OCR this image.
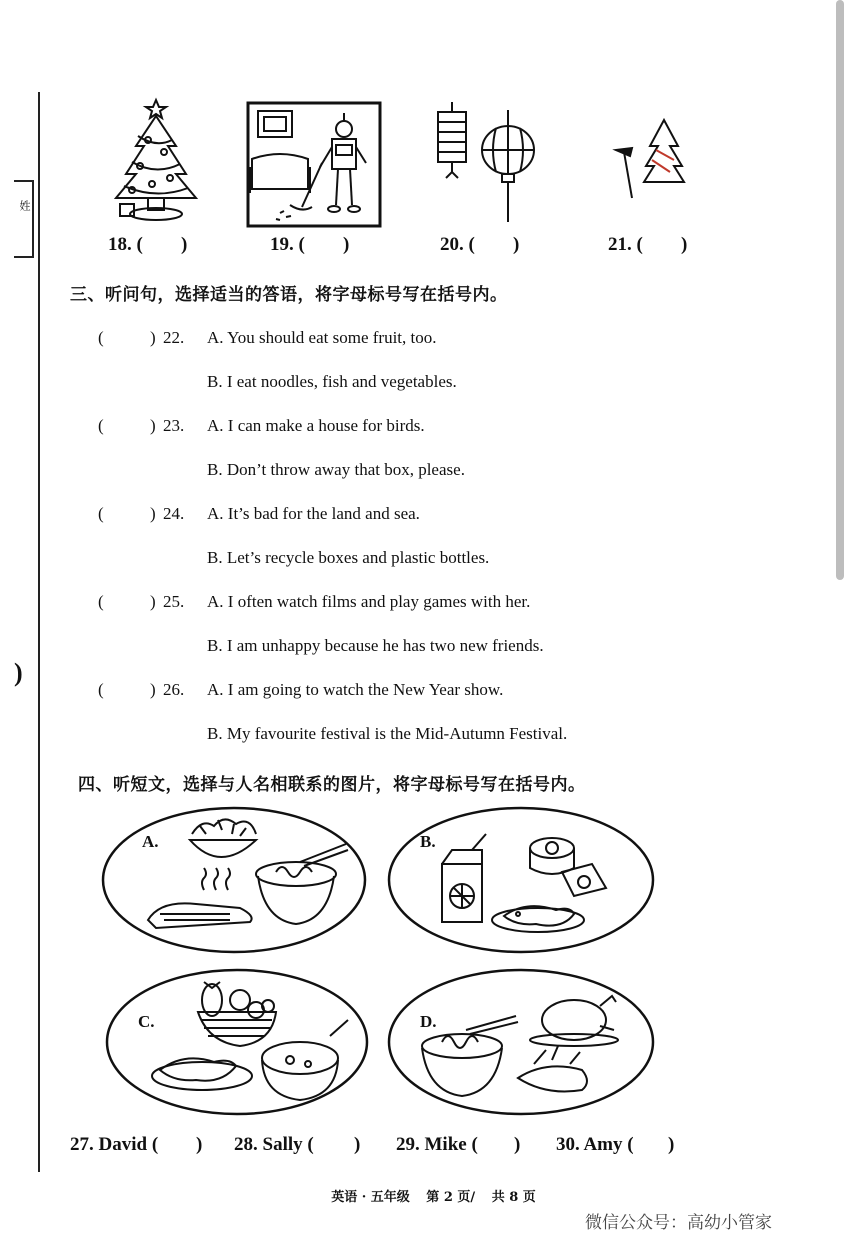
姓
)
18. ( )	19. ( )	20. ( )	21. ( )
三、听问句，选择适当的答语，将字母标号写在括号内。
(	) 22. A. You should eat some fruit, too.
B. I eat noodles, fish and vegetables.
(	) 23. A. I can make a house for birds.
B. Don’t throw away that box, please.
(	) 24. A. It’s bad for the land and sea.
B. Let’s recycle boxes and plastic bottles.
(	) 25. A. I often watch films and play games with her.
B. I am unhappy because he has two new friends.
(	) 26. A. I am going to watch the New Year show.
B. My favourite festival is the Mid-Autumn Festival.
四、听短文，选择与人名相联系的图片，将字母标号写在括号内。
A.	B.
C.	D.
27. David ( ) 28. Sally ( ) 29. Mike ( ) 30. Amy ( )
英语 · 五年级 第 2 页/ 共 8 页
微信公众号：高幼小管家
